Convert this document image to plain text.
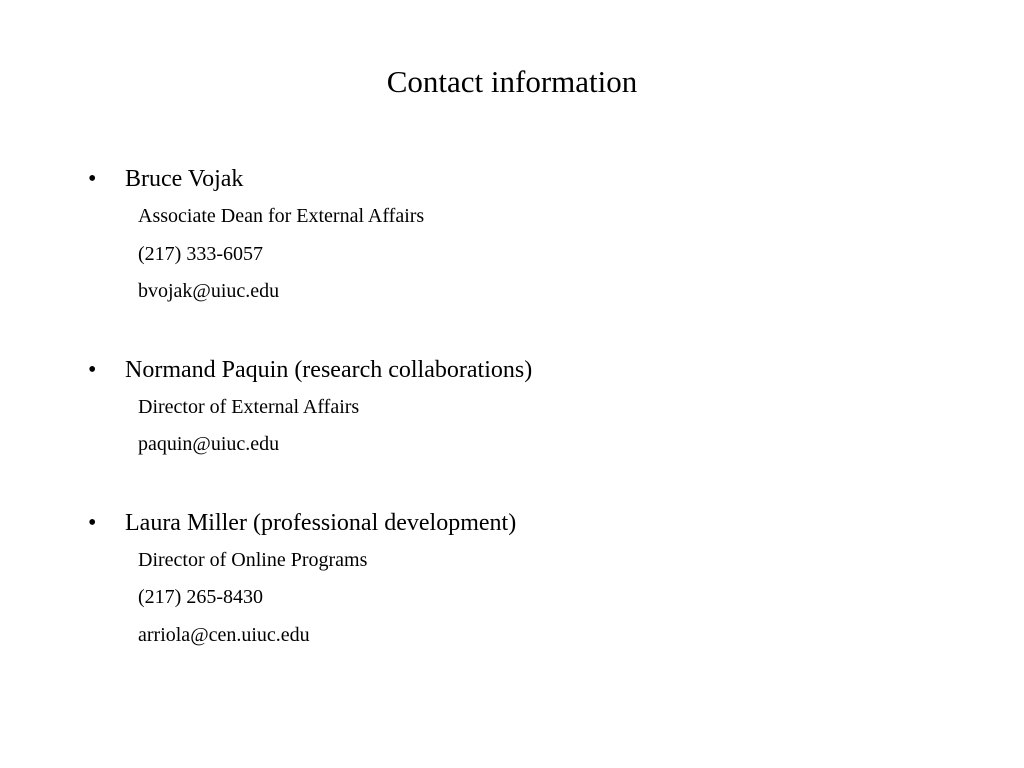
Contact information
•	Bruce Vojak
Associate Dean for External Affairs
(217) 333-6057
bvojak@uiuc.edu
•	Normand Paquin (research collaborations)
Director of External Affairs
paquin@uiuc.edu
•	Laura Miller (professional development)
Director of Online Programs
(217) 265-8430
arriola@cen.uiuc.edu
